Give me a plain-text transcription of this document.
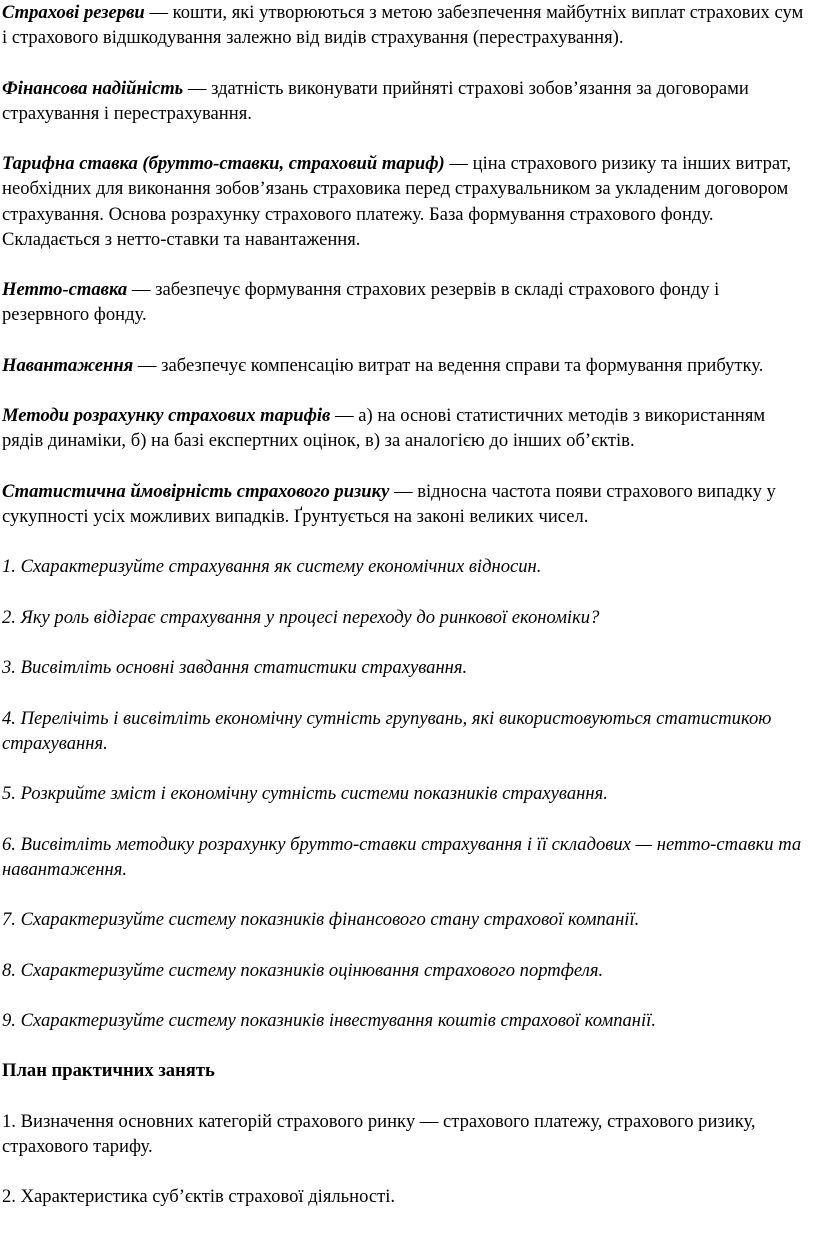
Страхові резерви — кошти, які утворюються з метою забезпечення майбутніх виплат страхових сум і страхового відшкодування залежно від видів страхування (перестрахування).

Фінансова надійність — здатність виконувати прийняті страхові зобов’язання за договорами страхування і перестрахування.

Тарифна ставка (брутто-ставки, страховий тариф) — ціна страхового ризику та інших витрат, необхідних для виконання зобов’язань страховика перед страхувальником за укладеним договором страхування. Основа розрахунку страхового платежу. База формування страхового фонду. Складається з нетто-ставки та навантаження.

Нетто-ставка — забезпечує формування страхових резервів в складі страхового фонду і резервного фонду.

Навантаження — забезпечує компенсацію витрат на ведення справи та формування прибутку.

Методи розрахунку страхових тарифів — а) на основі статистичних методів з використанням рядів динаміки, б) на базі експертних оцінок, в) за аналогією до інших об’єктів.

Статистична ймовірність страхового ризику — відносна частота появи страхового випадку у сукупності усіх можливих випадків. Ґрунтується на законі великих чисел.

1. Схарактеризуйте страхування як систему економічних відносин.

2. Яку роль відіграє страхування у процесі переходу до ринкової економіки?

3. Висвітліть основні завдання статистики страхування.

4. Перелічіть і висвітліть економічну сутність групувань, які використовуються статистикою страхування.

5. Розкрийте зміст і економічну сутність системи показників страхування.

6. Висвітліть методику розрахунку брутто-ставки страхування і її складових — нетто-ставки та навантаження.

7. Схарактеризуйте систему показників фінансового стану страхової компанії.

8. Схарактеризуйте систему показників оцінювання страхового портфеля.

9. Схарактеризуйте систему показників інвестування коштів страхової компанії.

План практичних занять

1. Визначення основних категорій страхового ринку — страхового платежу, страхового ризику, страхового тарифу.

2. Характеристика суб’єктів страхової діяльності.
